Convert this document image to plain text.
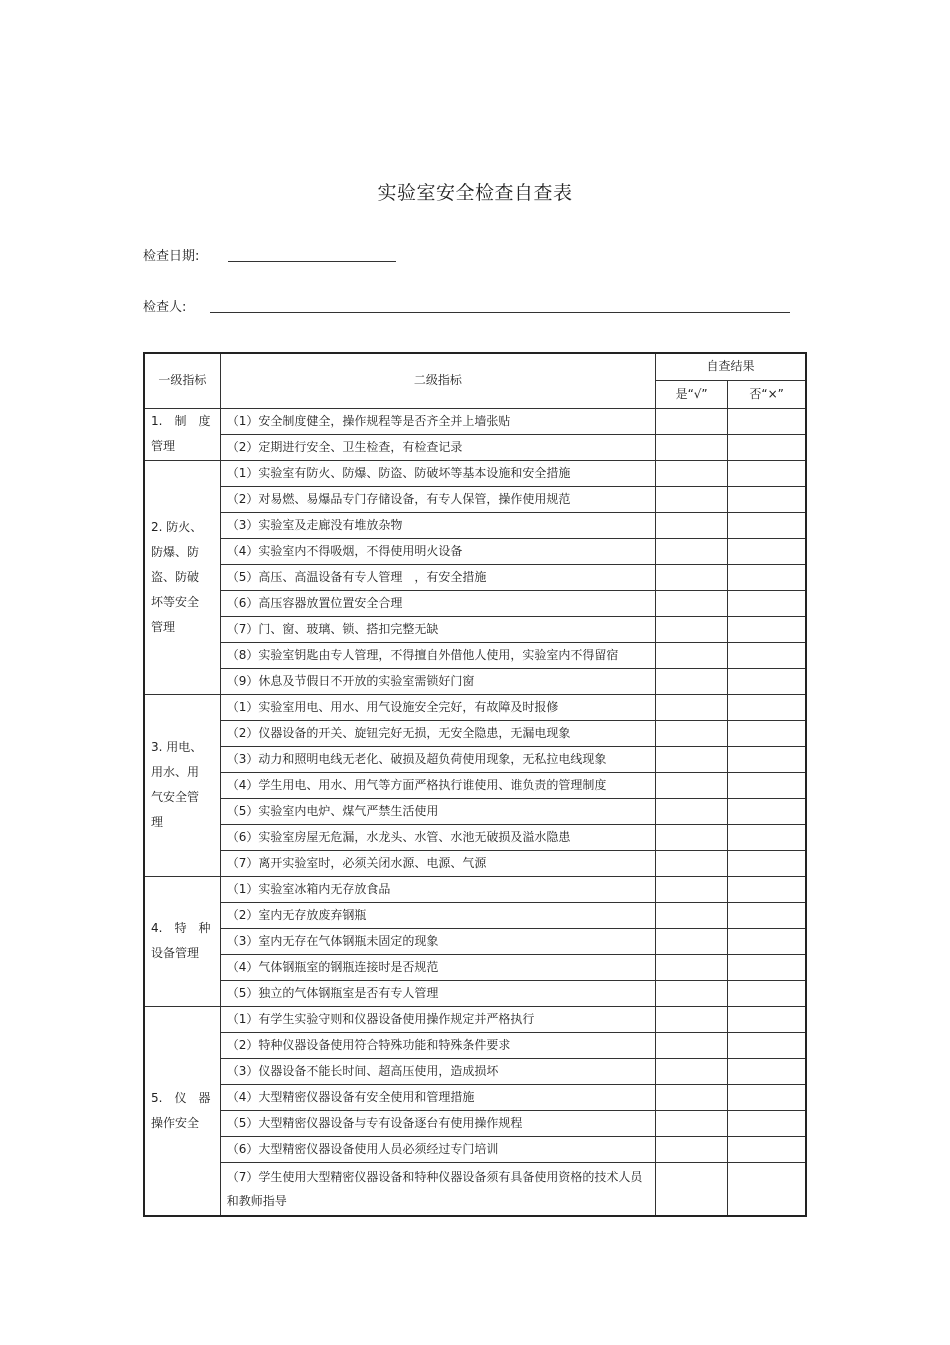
实验室安全检查自查表
检查日期:
检查人:
一级指标	二级指标	自查结果	
		是“√”	否“×”

1.　制　度
管理	（1）安全制度健全，操作规程等是否齐全并上墙张贴		
	（2）定期进行安全、卫生检查，有检查记录		

2. 防火、
防爆、防
盗、防破
坏等安全
管理	（1）实验室有防火、防爆、防盗、防破坏等基本设施和安全措施		
	（2）对易燃、易爆品专门存储设备，有专人保管，操作使用规范		
	（3）实验室及走廊没有堆放杂物		
	（4）实验室内不得吸烟，不得使用明火设备		
	（5）高压、高温设备有专人管理　，有安全措施		
	（6）高压容器放置位置安全合理		
	（7）门、窗、玻璃、锁、搭扣完整无缺		
	（8）实验室钥匙由专人管理，不得擅自外借他人使用，实验室内不得留宿		
	（9）休息及节假日不开放的实验室需锁好门窗		

3. 用电、
用水、用
气安全管
理	（1）实验室用电、用水、用气设施安全完好，有故障及时报修		
	（2）仪器设备的开关、旋钮完好无损，无安全隐患，无漏电现象		
	（3）动力和照明电线无老化、破损及超负荷使用现象，无私拉电线现象		
	（4）学生用电、用水、用气等方面严格执行谁使用、谁负责的管理制度		
	（5）实验室内电炉、煤气严禁生活使用		
	（6）实验室房屋无危漏，水龙头、水管、水池无破损及溢水隐患		
	（7）离开实验室时，必须关闭水源、电源、气源		

4.　特　种
设备管理	（1）实验室冰箱内无存放食品		
	（2）室内无存放废弃钢瓶		
	（3）室内无存在气体钢瓶未固定的现象		
	（4）气体钢瓶室的钢瓶连接时是否规范		
	（5）独立的气体钢瓶室是否有专人管理		

5.　仪　器
操作安全	（1）有学生实验守则和仪器设备使用操作规定并严格执行		
	（2）特种仪器设备使用符合特殊功能和特殊条件要求		
	（3）仪器设备不能长时间、超高压使用，造成损坏		
	（4）大型精密仪器设备有安全使用和管理措施		
	（5）大型精密仪器设备与专有设备逐台有使用操作规程		
	（6）大型精密仪器设备使用人员必须经过专门培训		
	（7）学生使用大型精密仪器设备和特种仪器设备须有具备使用资格的技术人员和教师指导		
